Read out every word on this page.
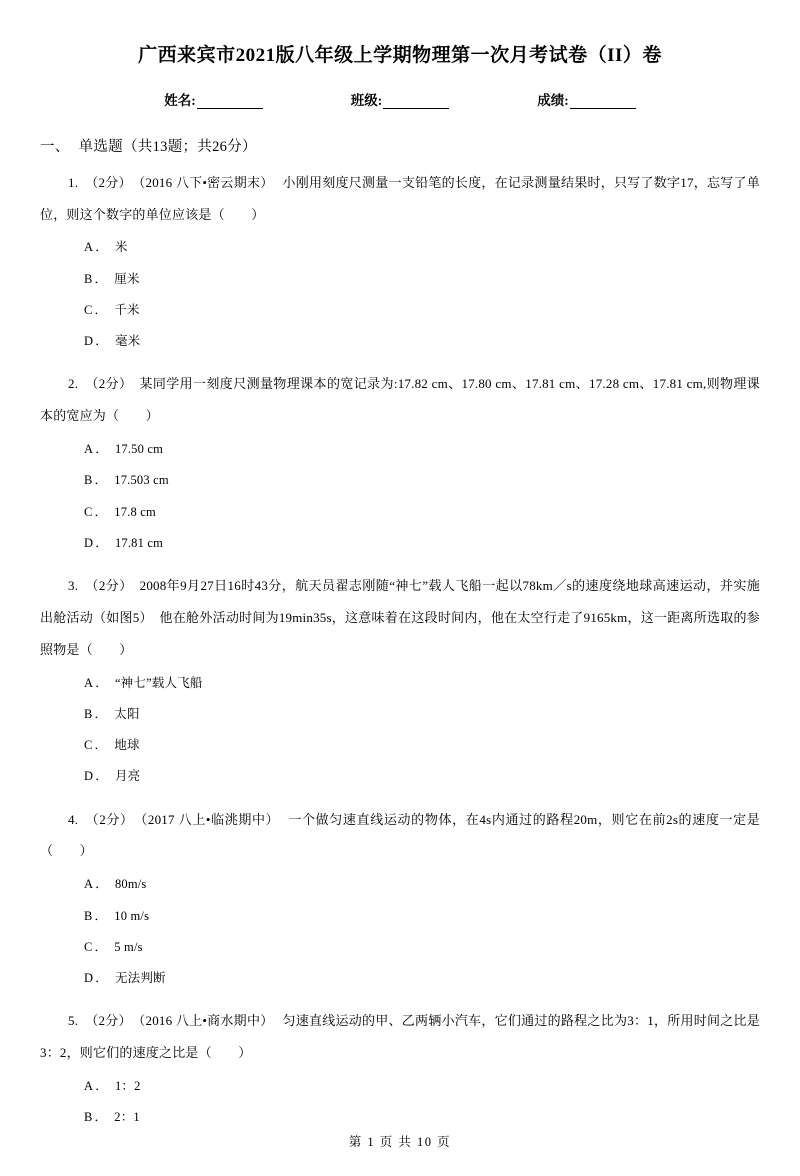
广西来宾市2021版八年级上学期物理第一次月考试卷（II）卷
姓名:	班级:	成绩:
一、 单选题（共13题；共26分）
1. （2分） （2016 八下•密云期末） 小刚用刻度尺测量一支铅笔的长度，在记录测量结果时，只写了数字17，忘写了单位，则这个数字的单位应该是（　　）
A ． 米
B ． 厘米
C ． 千米
D ． 毫米
2. （2分） 某同学用一刻度尺测量物理课本的宽记录为:17.82 cm、17.80 cm、17.81 cm、17.28 cm、17.81 cm,则物理课本的宽应为（　　）
A ． 17.50 cm
B ． 17.503 cm
C ． 17.8 cm
D ． 17.81 cm
3. （2分） 2008年9月27日16时43分，航天员翟志刚随“神七”载人飞船一起以78km／s的速度绕地球高速运动，并实施出舱活动（如图5）　他在舱外活动时间为19min35s，这意味着在这段时间内，他在太空行走了9165km，这一距离所选取的参照物是（　　）
A ． “神七”载人飞船
B ． 太阳
C ． 地球
D ． 月亮
4. （2分） （2017 八上•临洮期中） 一个做匀速直线运动的物体，在4s内通过的路程20m，则它在前2s的速度一定是（　　）
A ． 80m/s
B ． 10 m/s
C ． 5 m/s
D ． 无法判断
5. （2分） （2016 八上•商水期中） 匀速直线运动的甲、乙两辆小汽车，它们通过的路程之比为3：1，所用时间之比是3：2，则它们的速度之比是（　　）
A ． 1：2
B ． 2：1
第 1 页 共 10 页
